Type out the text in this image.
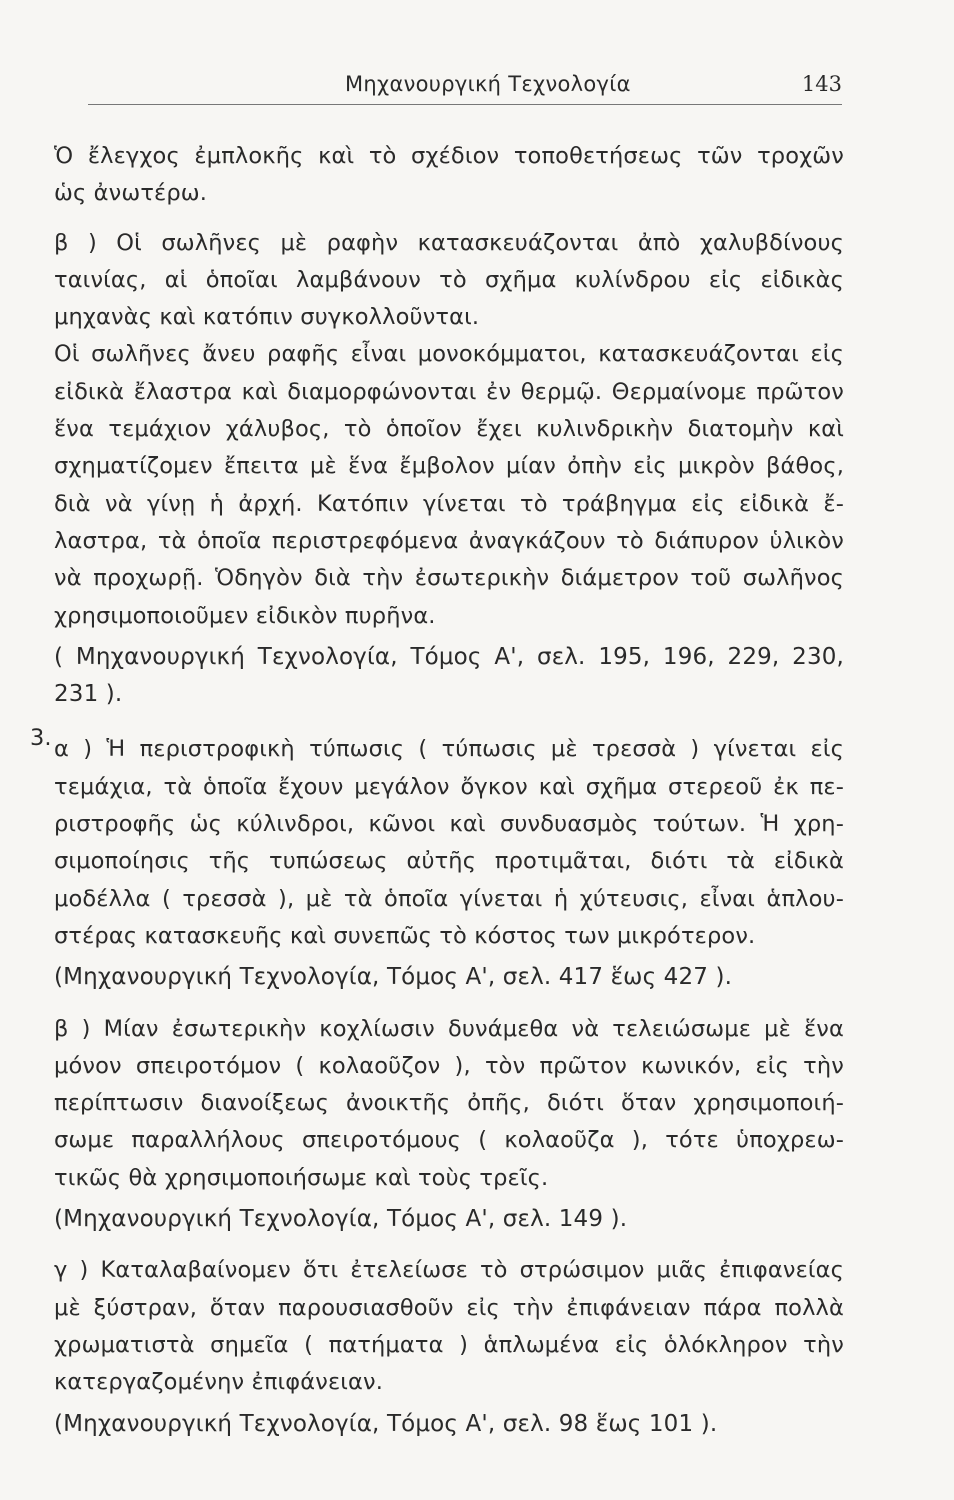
Μηχανουργική Τεχνολογία	143
Ὁ ἔλεγχος ἐμπλοκῆς καὶ τὸ σχέδιον τοποθετήσεως τῶν τροχῶν
ὡς ἀνωτέρω.
β ) Οἱ σωλῆνες μὲ ραφὴν κατασκευάζονται ἀπὸ χαλυβδίνους
ταινίας, αἱ ὁποῖαι λαμβάνουν τὸ σχῆμα κυλίνδρου εἰς εἰδικὰς
μηχανὰς καὶ κατόπιν συγκολλοῦνται.
Οἱ σωλῆνες ἄνευ ραφῆς εἶναι μονοκόμματοι, κατασκευάζονται εἰς
εἰδικὰ ἔλαστρα καὶ διαμορφώνονται ἐν θερμῷ. Θερμαίνομε πρῶτον
ἕνα τεμάχιον χάλυβος, τὸ ὁποῖον ἔχει κυλινδρικὴν διατομὴν καὶ
σχηματίζομεν ἔπειτα μὲ ἕνα ἔμβολον μίαν ὀπὴν εἰς μικρὸν βάθος,
διὰ νὰ γίνῃ ἡ ἀρχή. Κατόπιν γίνεται τὸ τράβηγμα εἰς εἰδικὰ ἔ-
λαστρα, τὰ ὁποῖα περιστρεφόμενα ἀναγκάζουν τὸ διάπυρον ὑλικὸν
νὰ προχωρῇ. Ὁδηγὸν διὰ τὴν ἐσωτερικὴν διάμετρον τοῦ σωλῆνος
χρησιμοποιοῦμεν εἰδικὸν πυρῆνα.
( Μηχανουργική Τεχνολογία, Τόμος Α', σελ. 195, 196, 229, 230,
231 ).
3. α ) Ἡ περιστροφικὴ τύπωσις ( τύπωσις μὲ τρεσσὰ ) γίνεται εἰς
τεμάχια, τὰ ὁποῖα ἔχουν μεγάλον ὄγκον καὶ σχῆμα στερεοῦ ἐκ πε-
ριστροφῆς ὡς κύλινδροι, κῶνοι καὶ συνδυασμὸς τούτων. Ἡ χρη-
σιμοποίησις τῆς τυπώσεως αὐτῆς προτιμᾶται, διότι τὰ εἰδικὰ
μοδέλλα ( τρεσσὰ ), μὲ τὰ ὁποῖα γίνεται ἡ χύτευσις, εἶναι ἁπλου-
στέρας κατασκευῆς καὶ συνεπῶς τὸ κόστος των μικρότερον.
(Μηχανουργική Τεχνολογία, Τόμος Α', σελ. 417 ἕως 427 ).
β ) Μίαν ἐσωτερικὴν κοχλίωσιν δυνάμεθα νὰ τελειώσωμε μὲ ἕνα
μόνον σπειροτόμον ( κολαοῦζον ), τὸν πρῶτον κωνικόν, εἰς τὴν
περίπτωσιν διανοίξεως ἀνοικτῆς ὀπῆς, διότι ὅταν χρησιμοποιή-
σωμε παραλλήλους σπειροτόμους ( κολαοῦζα ), τότε ὑποχρεω-
τικῶς θὰ χρησιμοποιήσωμε καὶ τοὺς τρεῖς.
(Μηχανουργική Τεχνολογία, Τόμος Α', σελ. 149 ).
γ ) Καταλαβαίνομεν ὅτι ἐτελείωσε τὸ στρώσιμον μιᾶς ἐπιφανείας
μὲ ξύστραν, ὅταν παρουσιασθοῦν εἰς τὴν ἐπιφάνειαν πάρα πολλὰ
χρωματιστὰ σημεῖα ( πατήματα ) ἁπλωμένα εἰς ὁλόκληρον τὴν
κατεργαζομένην ἐπιφάνειαν.
(Μηχανουργική Τεχνολογία, Τόμος Α', σελ. 98 ἕως 101 ).
